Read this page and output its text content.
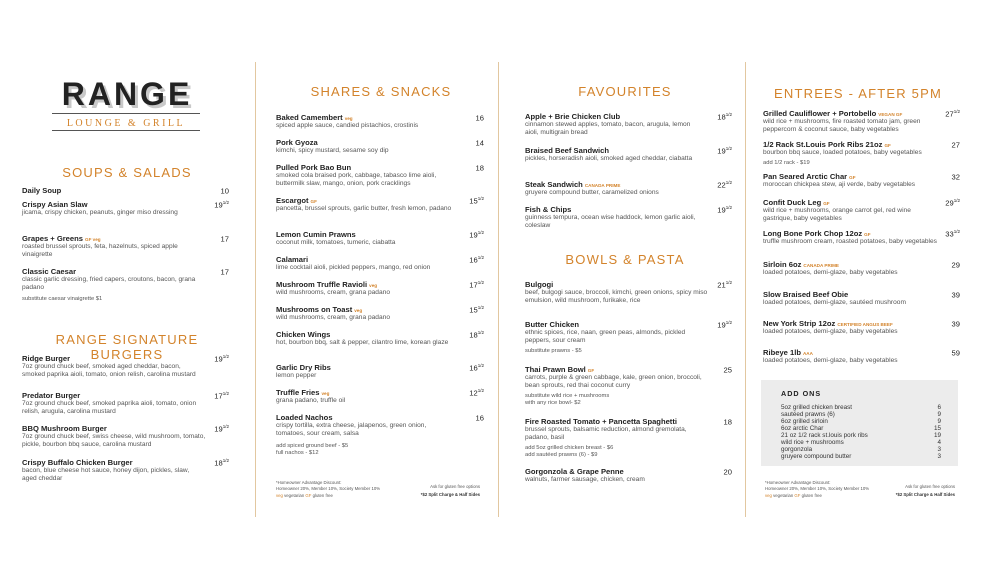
RANGE
LOUNGE & GRILL
SOUPS & SALADS
RANGE SIGNATURE BURGERS
SHARES & SNACKS	FAVOURITES
BOWLS & PASTA
ENTREES - AFTER 5PM
Daily Soup	10
Crispy Asian Slaw
jicama, crispy chicken, peanuts, ginger miso dressing
$19^{1/2}$
Grapes + Greens GF veg
roasted brussel sprouts, feta, hazelnuts, spiced apple vinaigrette
17
Classic Caesar
classic garlic dressing, fried capers, croutons, bacon, grana padano
17
substitute caesar vinaigrette $1
Ridge Burger
7oz ground chuck beef, smoked aged cheddar, bacon, smoked paprika aioli, tomato, onion relish, carolina mustard
$19^{1/2}$
Predator Burger
7oz ground chuck beef, smoked paprika aioli, tomato, onion relish, arugula, carolina mustard
$17^{1/2}$
BBQ Mushroom Burger
7oz ground chuck beef, swiss cheese, wild mushroom, tomato, pickle, bourbon bbq sauce, carolina mustard
$19^{1/2}$
Crispy Buffalo Chicken Burger
bacon, blue cheese hot sauce, honey dijon, pickles, slaw, aged cheddar
$18^{1/2}$
Baked Camembert veg
spiced apple sauce, candied pistachios, crostinis
16
Pork Gyoza
kimchi, spicy mustard, sesame soy dip
14
Pulled Pork Bao Bun
smoked cola braised pork, cabbage, tabasco lime aioli, buttermilk slaw, mango, onion, pork cracklings
18
Escargot GF
pancetta, brussel sprouts, garlic butter, fresh lemon, padano
$15^{1/2}$
Lemon Cumin Prawns
coconut milk, tomatoes, tumeric, ciabatta
$19^{1/2}$
Calamari
lime cocktail aioli, pickled peppers, mango, red onion
$16^{1/2}$
Mushroom Truffle Ravioli veg
wild mushrooms, cream, grana padano
$17^{1/2}$
Mushrooms on Toast veg
wild mushrooms, cream, grana padano
$15^{1/2}$
Chicken Wings
hot, bourbon bbq, salt & pepper, cilantro lime, korean glaze
$18^{1/2}$
Garlic Dry Ribs
lemon pepper
$16^{1/2}$
Truffle Fries veg
grana padano, truffle oil
$12^{1/2}$
Loaded Nachos
crispy tortilla, extra cheese, jalapenos, green onion, tomatoes, sour cream, salsa
16
add spiced ground beef - $5
full nachos - $12
*Homeowner Advantage Discount:
Homeowner 20%, Member 10%, Society Member 10%
veg vegetarian GF gluten free
Ask for gluten free options
*$2 Split Charge & Half Sides
Apple + Brie Chicken Club
cinnamon stewed apples, tomato, bacon, arugula, lemon aioli, multigrain bread
$18^{1/2}$
Braised Beef Sandwich
pickles, horseradish aioli, smoked aged cheddar, ciabatta
$19^{1/2}$
Steak Sandwich CANADA PRIME
gruyere compound butter, caramelized onions
$22^{1/2}$
Fish & Chips
guinness tempura, ocean wise haddock, lemon garlic aioli, coleslaw
$19^{1/2}$
Bulgogi
beef, bulgogi sauce, broccoli, kimchi, green onions, spicy miso emulsion, wild mushroom, furikake, rice
$21^{1/2}$
Butter Chicken
ethnic spices, rice, naan, green peas, almonds, pickled peppers, sour cream
$19^{1/2}$
substitute prawns - $5
Thai Prawn Bowl GF
carrots, purple & green cabbage, kale, green onion, broccoli, bean sprouts, red thai coconut curry
25
substitute wild rice + mushrooms
with any rice bowl- $2
Fire Roasted Tomato + Pancetta Spaghetti
brussel sprouts, balsamic reduction, almond gremolata, padano, basil
18
add 5oz grilled chicken breast - $6
add sautéed prawns (6) - $9
Gorgonzola & Grape Penne
walnuts, farmer sausage, chicken, cream
20
Grilled Cauliflower + Portobello VEGAN GF
wild rice + mushrooms, fire roasted tomato jam, green peppercorn & coconut sauce, baby vegetables
$27^{1/2}$
1/2 Rack St.Louis Pork Ribs 21oz GF
bourbon bbq sauce, loaded potatoes, baby vegetables
27
add 1/2 rack - $19
Pan Seared Arctic Char GF
moroccan chickpea stew, aji verde, baby vegetables
32
Confit Duck Leg GF
wild rice + mushrooms, orange carrot gel, red wine gastrique, baby vegetables
$29^{1/2}$
Long Bone Pork Chop 12oz GF
truffle mushroom cream, roasted potatoes, baby vegetables
$33^{1/2}$
Sirloin 6oz CANADA PRIME
loaded potatoes, demi-glaze, baby vegetables
29
Slow Braised Beef Obie
loaded potatoes, demi-glaze, sautéed mushroom
39
New York Strip 12oz CERTIFIED ANGUS BEEF
loaded potatoes, demi-glaze, baby vegetables
39
Ribeye 1lb AAA
loaded potatoes, demi-glaze, baby vegetables
59
ADD ONS
5oz grilled chicken breast	6
sautéed prawns (6)	9
6oz grilled sirloin	9
6oz arctic Char	15
21 oz 1/2 rack st.louis pork ribs	19
wild rice + mushrooms	4
gorgonzola	3
gruyere compound butter	3
*Homeowner Advantage Discount:
Homeowner 20%, Member 10%, Society Member 10%
veg vegetarian GF gluten free
Ask for gluten free options
*$2 Split Charge & Half Sides
